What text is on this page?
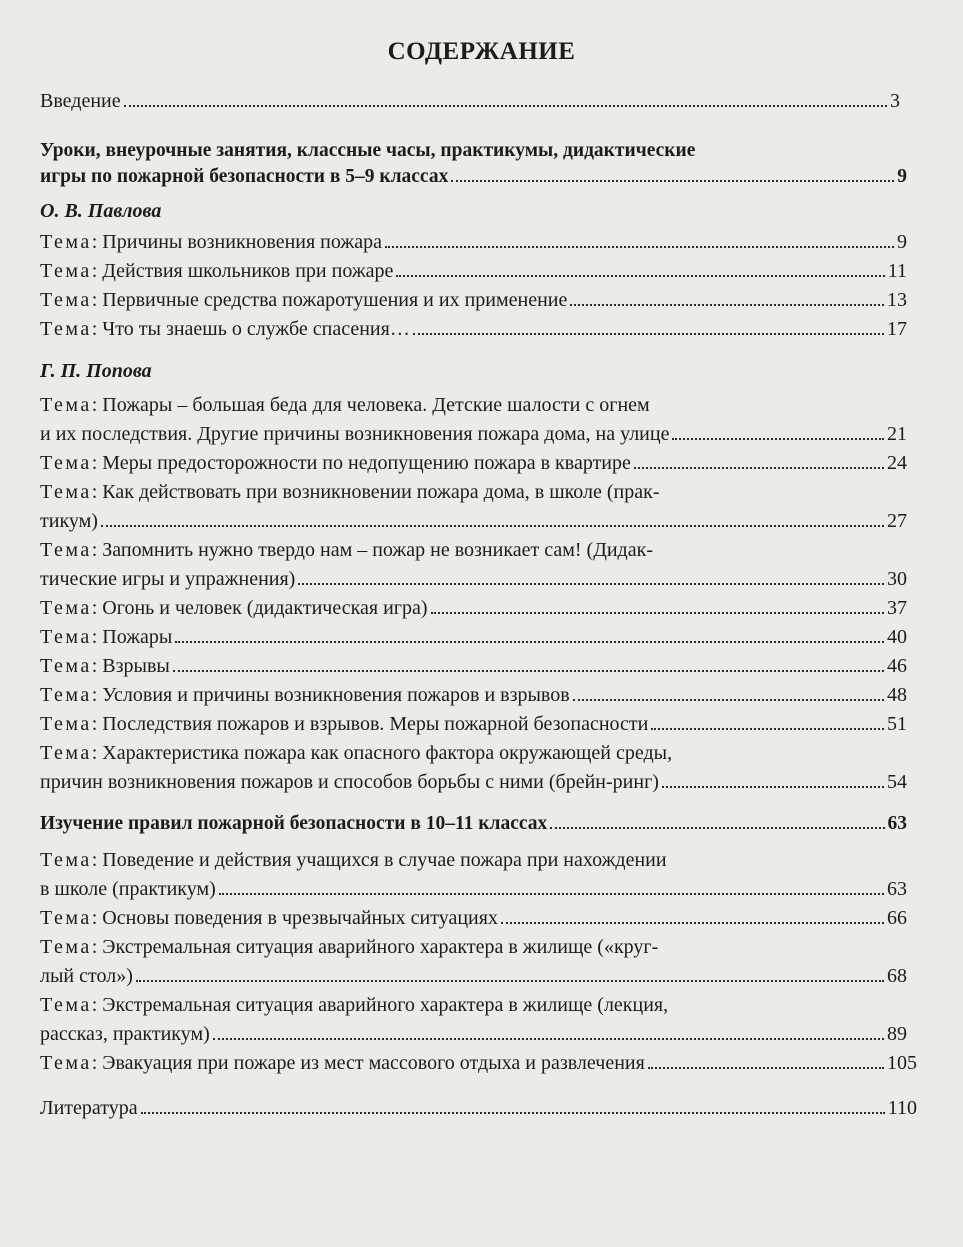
СОДЕРЖАНИЕ
Введение	3
Уроки, внеурочные занятия, классные часы, практикумы, дидактические
игры по пожарной безопасности в 5–9 классах	9
О. В. Павлова
Тема : Причины возникновения пожара	9
Тема : Действия школьников при пожаре	11
Тема : Первичные средства пожаротушения и их применение	13
Тема : Что ты знаешь о службе спасения…	17
Г. П. Попова
Тема: Пожары – большая беда для человека. Детские шалости с огнем
и их последствия. Другие причины возникновения пожара дома, на улице	21
Тема : Меры предосторожности по недопущению пожара в квартире	24
Тема: Как действовать при возникновении пожара дома, в школе (прак-
тикум)	27
Тема: Запомнить нужно твердо нам – пожар не возникает сам! (Дидак-
тические игры и упражнения)	30
Тема : Огонь и человек (дидактическая игра)	37
Тема : Пожары	40
Тема : Взрывы	46
Тема : Условия и причины возникновения пожаров и взрывов	48
Тема : Последствия пожаров и взрывов. Меры пожарной безопасности	51
Тема: Характеристика пожара как опасного фактора окружающей среды,
причин возникновения пожаров и способов борьбы с ними (брейн-ринг)	54
Изучение правил пожарной безопасности в 10–11 классах	63
Тема: Поведение и действия учащихся в случае пожара при нахождении
в школе (практикум)	63
Тема : Основы поведения в чрезвычайных ситуациях	66
Тема: Экстремальная ситуация аварийного характера в жилище («круг-
лый стол»)	68
Тема: Экстремальная ситуация аварийного характера в жилище (лекция,
рассказ, практикум)	89
Тема : Эвакуация при пожаре из мест массового отдыха и развлечения	105
Литература	110
